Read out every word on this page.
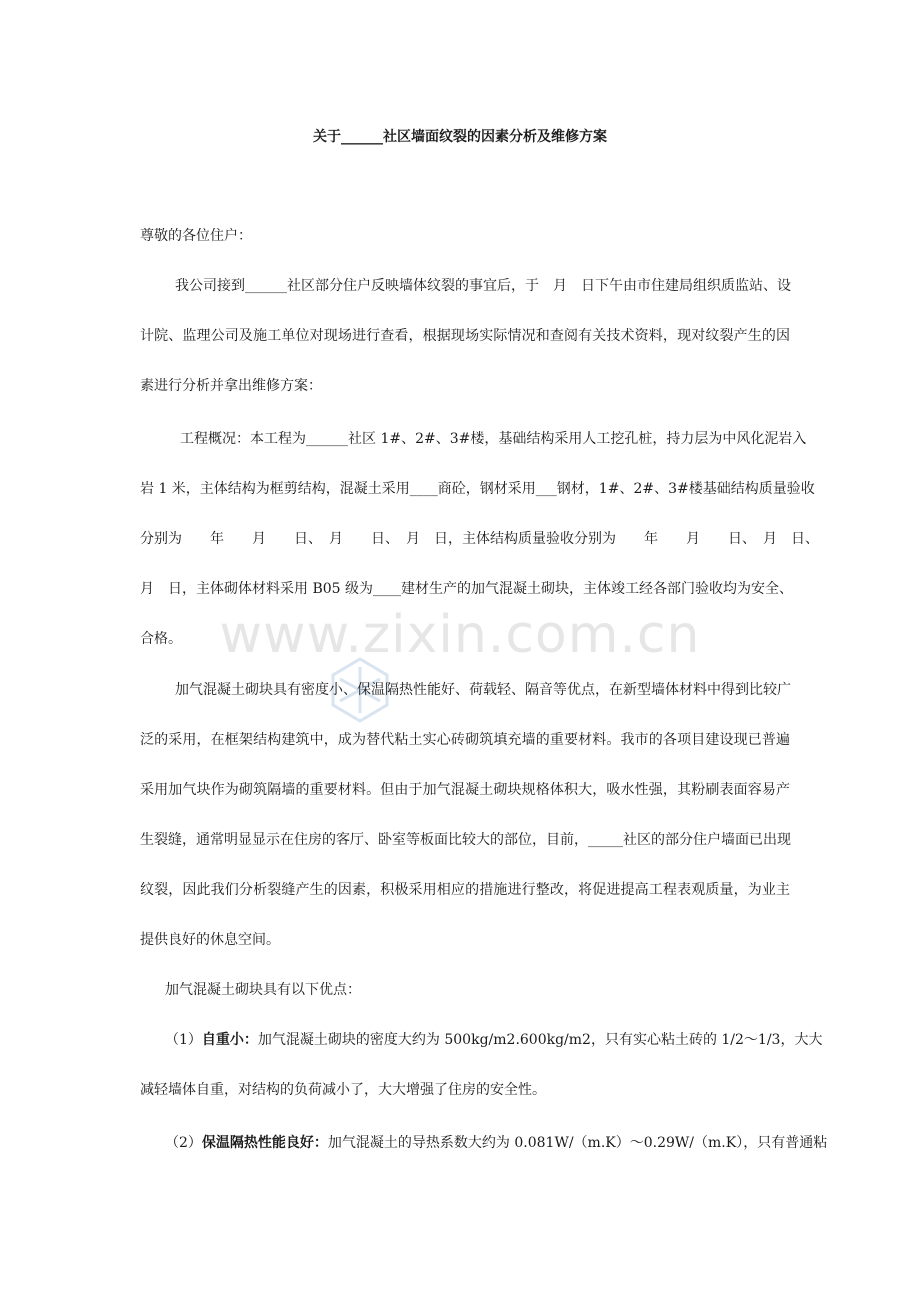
www.zixin.com.cn
关于______社区墙面纹裂的因素分析及维修方案
尊敬的各位住户：
我公司接到______社区部分住户反映墙体纹裂的事宜后，于　月　日下午由市住建局组织质监站、设
计院、监理公司及施工单位对现场进行查看，根据现场实际情况和查阅有关技术资料，现对纹裂产生的因
素进行分析并拿出维修方案：
工程概况：本工程为______社区 1#、2#、3#楼，基础结构采用人工挖孔桩，持力层为中风化泥岩入
岩 1 米，主体结构为框剪结构，混凝土采用____商砼，钢材采用___钢材，1#、2#、3#楼基础结构质量验收
分别为　　年　　月　　日、　月　　日、　月　日，主体结构质量验收分别为　　年　　月　　日、　月　日、
月　日，主体砌体材料采用 B05 级为____建材生产的加气混凝土砌块，主体竣工经各部门验收均为安全、
合格。
加气混凝土砌块具有密度小、保温隔热性能好、荷载轻、隔音等优点，在新型墙体材料中得到比较广
泛的采用，在框架结构建筑中，成为替代粘土实心砖砌筑填充墙的重要材料。我市的各项目建设现已普遍
采用加气块作为砌筑隔墙的重要材料。但由于加气混凝土砌块规格体积大，吸水性强，其粉刷表面容易产
生裂缝，通常明显显示在住房的客厅、卧室等板面比较大的部位，目前，_____社区的部分住户墙面已出现
纹裂，因此我们分析裂缝产生的因素，积极采用相应的措施进行整改，将促进提高工程表观质量，为业主
提供良好的休息空间。
加气混凝土砌块具有以下优点：
（1）自重小：加气混凝土砌块的密度大约为 500kg/m2.600kg/m2，只有实心粘土砖的 1/2～1/3，大大
减轻墙体自重，对结构的负荷减小了，大大增强了住房的安全性。
（2）保温隔热性能良好：加气混凝土的导热系数大约为 0.081W/（m.K）～0.29W/（m.K），只有普通粘
